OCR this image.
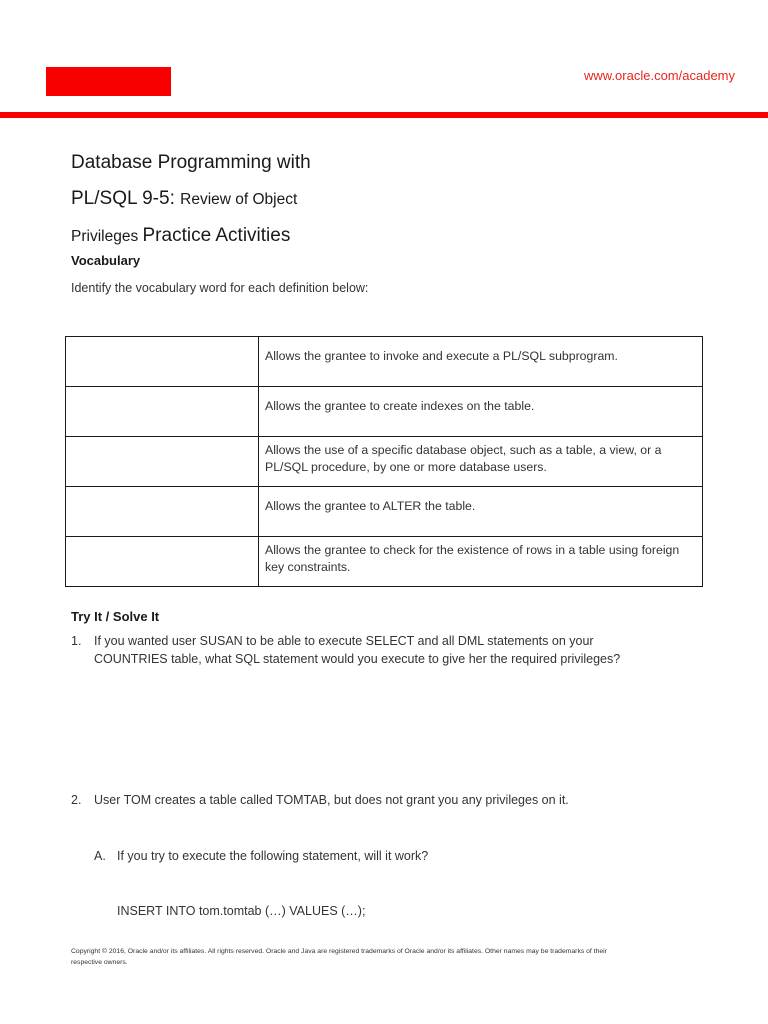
www.oracle.com/academy
Database Programming with
PL/SQL 9-5: Review of Object
Privileges Practice Activities
Vocabulary
Identify the vocabulary word for each definition below:
	Allows the grantee to invoke and execute a PL/SQL subprogram.
	Allows the grantee to create indexes on the table.
	Allows the use of a specific database object, such as a table, a view, or a PL/SQL procedure, by one or more database users.
	Allows the grantee to ALTER the table.
	Allows the grantee to check for the existence of rows in a table using foreign key constraints.
Try It / Solve It
1. If you wanted user SUSAN to be able to execute SELECT and all DML statements on your
COUNTRIES table, what SQL statement would you execute to give her the required privileges?
2. User TOM creates a table called TOMTAB, but does not grant you any privileges on it.
A. If you try to execute the following statement, will it work?
INSERT INTO tom.tomtab (…) VALUES (…);
Copyright © 2016, Oracle and/or its affiliates. All rights reserved. Oracle and Java are registered trademarks of Oracle and/or its affiliates. Other names may be trademarks of their
respective owners.
